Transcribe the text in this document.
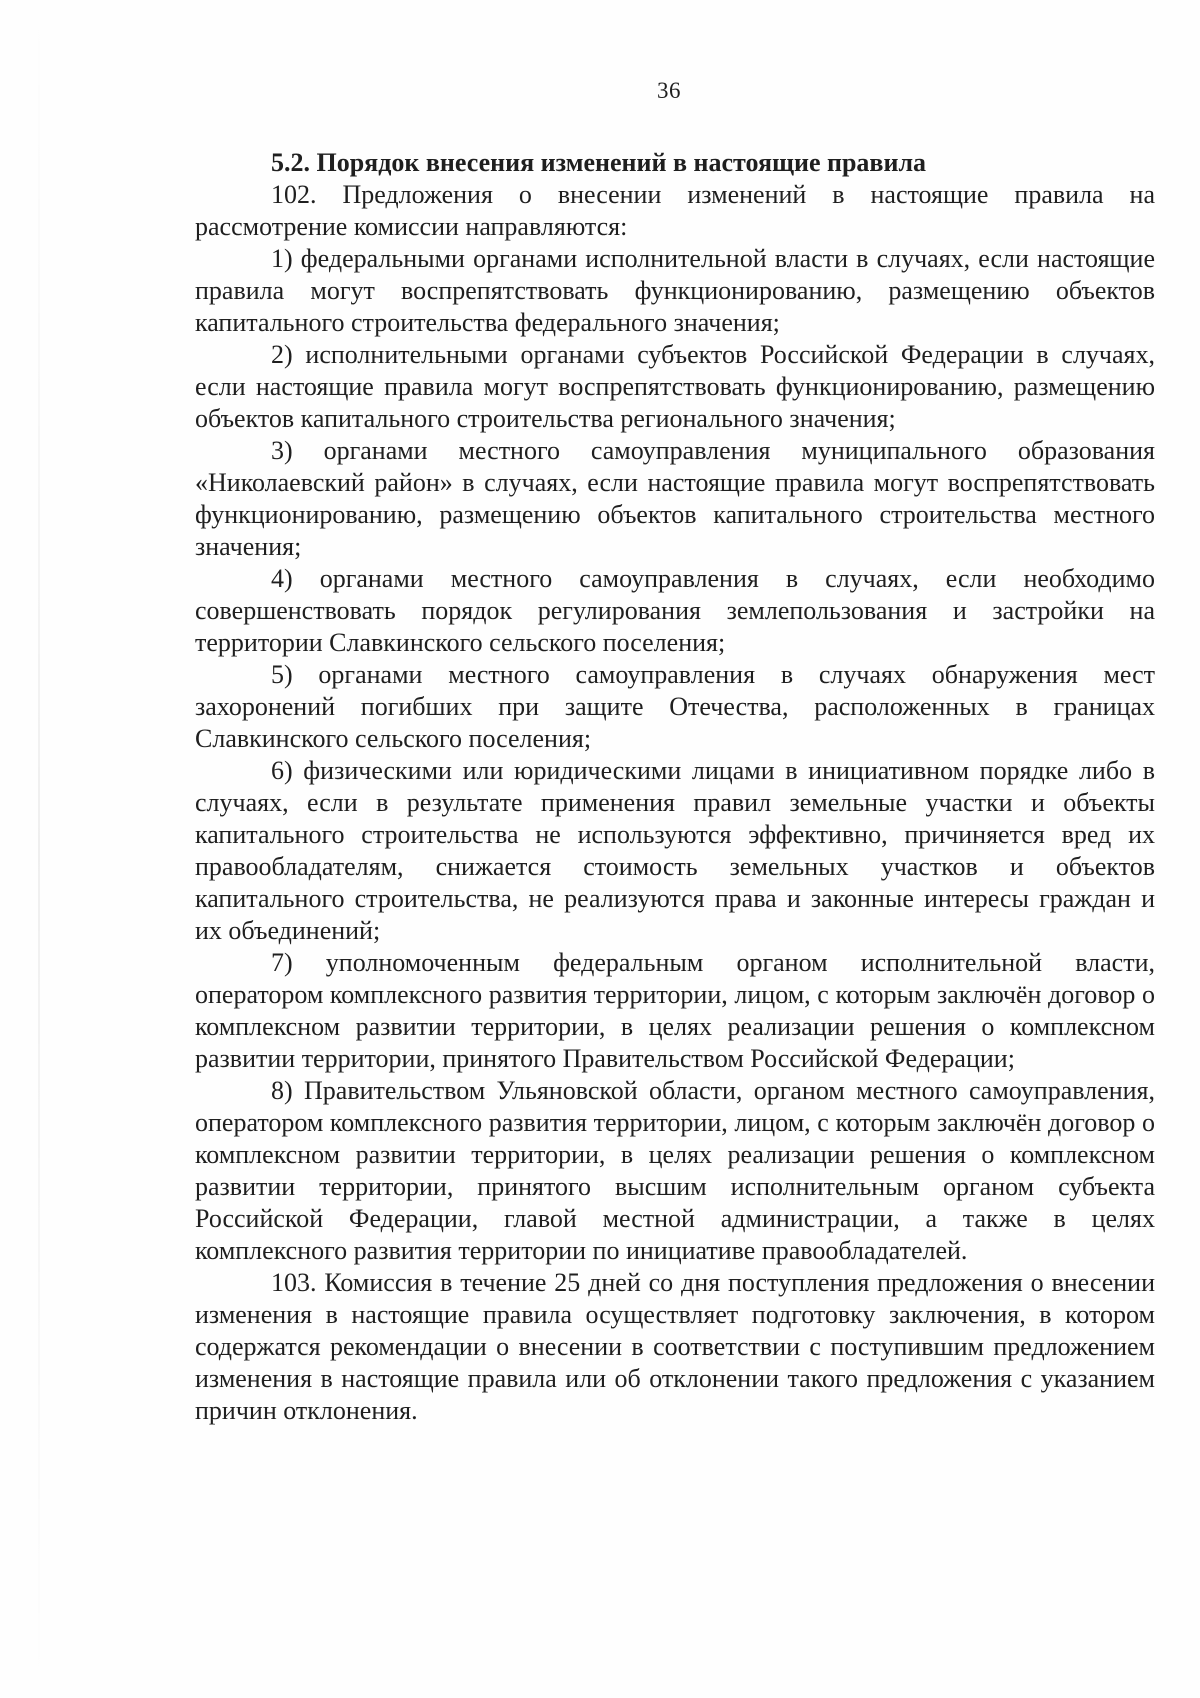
36

5.2. Порядок внесения изменений в настоящие правила

102. Предложения о внесении изменений в настоящие правила на рассмотрение комиссии направляются:

1) федеральными органами исполнительной власти в случаях, если настоящие правила могут воспрепятствовать функционированию, размещению объектов капитального строительства федерального значения;

2) исполнительными органами субъектов Российской Федерации в случаях, если настоящие правила могут воспрепятствовать функционированию, размещению объектов капитального строительства регионального значения;

3) органами местного самоуправления муниципального образования «Николаевский район» в случаях, если настоящие правила могут воспрепятствовать функционированию, размещению объектов капитального строительства местного значения;

4) органами местного самоуправления в случаях, если необходимо совершенствовать порядок регулирования землепользования и застройки на территории Славкинского сельского поселения;

5) органами местного самоуправления в случаях обнаружения мест захоронений погибших при защите Отечества, расположенных в границах Славкинского сельского поселения;

6) физическими или юридическими лицами в инициативном порядке либо в случаях, если в результате применения правил земельные участки и объекты капитального строительства не используются эффективно, причиняется вред их правообладателям, снижается стоимость земельных участков и объектов капитального строительства, не реализуются права и законные интересы граждан и их объединений;

7) уполномоченным федеральным органом исполнительной власти, оператором комплексного развития территории, лицом, с которым заключён договор о комплексном развитии территории, в целях реализации решения о комплексном развитии территории, принятого Правительством Российской Федерации;

8) Правительством Ульяновской области, органом местного самоуправления, оператором комплексного развития территории, лицом, с которым заключён договор о комплексном развитии территории, в целях реализации решения о комплексном развитии территории, принятого высшим исполнительным органом субъекта Российской Федерации, главой местной администрации, а также в целях комплексного развития территории по инициативе правообладателей.

103. Комиссия в течение 25 дней со дня поступления предложения о внесении изменения в настоящие правила осуществляет подготовку заключения, в котором содержатся рекомендации о внесении в соответствии с поступившим предложением изменения в настоящие правила или об отклонении такого предложения с указанием причин отклонения.
